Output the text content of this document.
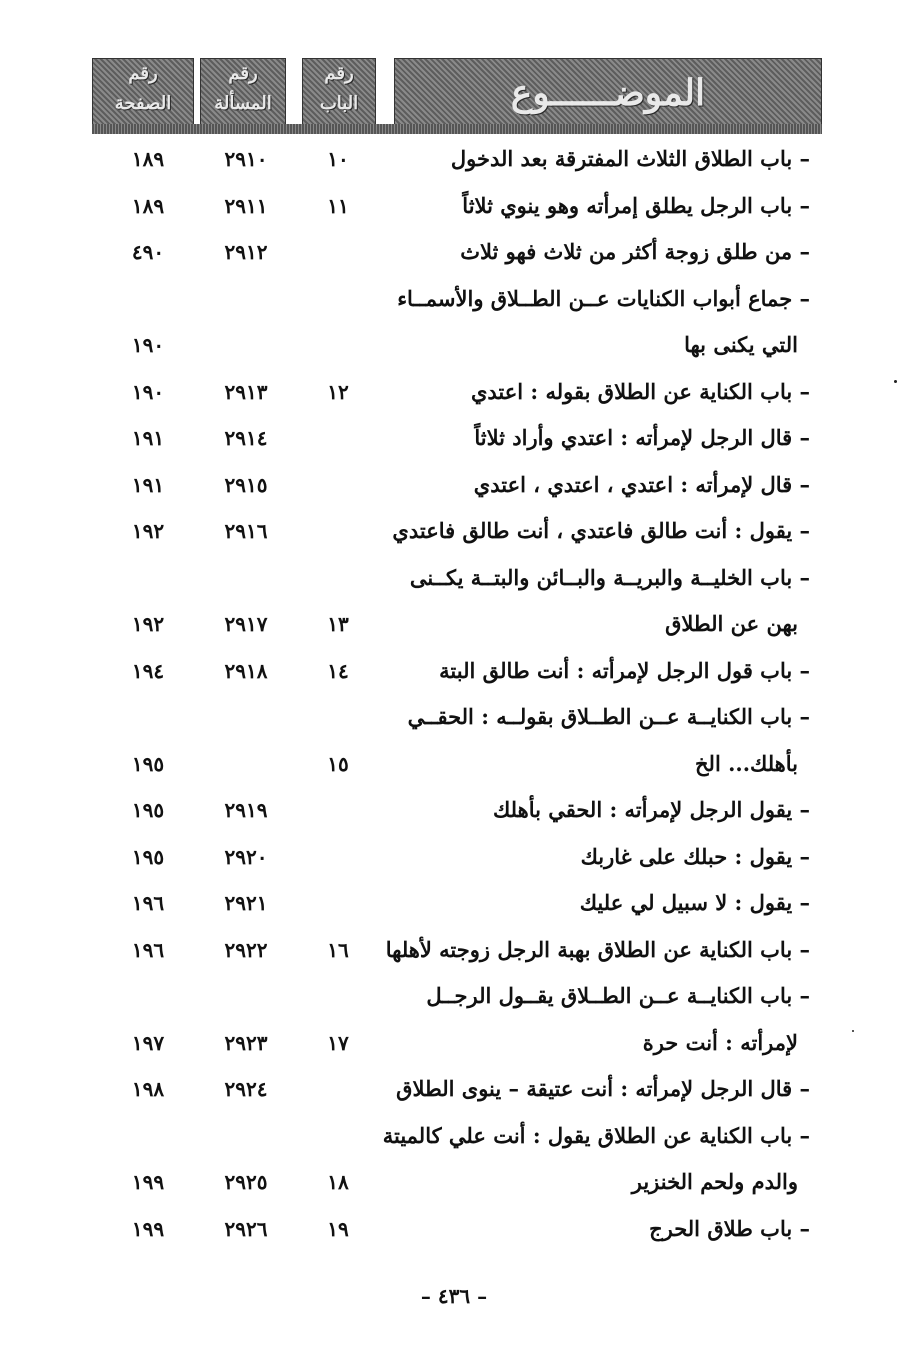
رقم
الصفحة
رقم
المسألة
رقم
الباب	الموضــــــوع
– باب الطلاق الثلاث المفترقة بعد الدخول
١٠
٢٩١٠
١٨٩
– باب الرجل يطلق إمرأته وهو ينوي ثلاثاً
١١
٢٩١١
١٨٩
– من طلق زوجة أكثر من ثلاث فهو ثلاث
٢٩١٢
٤٩٠
– جماع أبواب الكنايات عــن الطــلاق والأسمــاء
التي يكنى بها
١٩٠
– باب الكناية عن الطلاق بقوله : اعتدي
١٢
٢٩١٣
١٩٠
– قال الرجل لإمرأته : اعتدي وأراد ثلاثاً
٢٩١٤
١٩١
– قال لإمرأته : اعتدي ، اعتدي ، اعتدي
٢٩١٥
١٩١
– يقول : أنت طالق فاعتدي ، أنت طالق فاعتدي
٢٩١٦
١٩٢
– باب الخليــة والبريــة والبــائن والبتــة يكــنى
بهن عن الطلاق
١٣
٢٩١٧
١٩٢
– باب قول الرجل لإمرأته : أنت طالق البتة
١٤
٢٩١٨
١٩٤
– باب الكنايــة عــن الطــلاق بقولــه : الحقــي
بأهلك... الخ
١٥
١٩٥
– يقول الرجل لإمرأته : الحقي بأهلك
٢٩١٩
١٩٥
– يقول : حبلك على غاربك
٢٩٢٠
١٩٥
– يقول : لا سبيل لي عليك
٢٩٢١
١٩٦
– باب الكناية عن الطلاق بهبة الرجل زوجته لأهلها
١٦
٢٩٢٢
١٩٦
– باب الكنايــة عــن الطــلاق يقــول الرجــل
لإمرأته : أنت حرة
١٧
٢٩٢٣
١٩٧
– قال الرجل لإمرأته : أنت عتيقة – ينوى الطلاق
٢٩٢٤
١٩٨
– باب الكناية عن الطلاق يقول : أنت علي كالميتة
والدم ولحم الخنزير
١٨
٢٩٢٥
١٩٩
– باب طلاق الحرج
١٩
٢٩٢٦
١٩٩
– ٤٣٦ –
